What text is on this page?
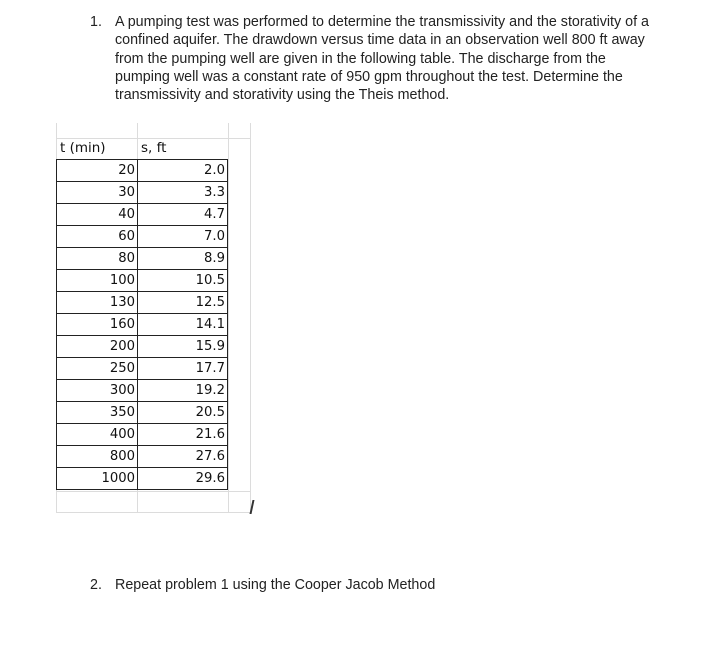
1. A pumping test was performed to determine the transmissivity and the storativity of a
confined aquifer. The drawdown versus time data in an observation well 800 ft away
from the pumping well are given in the following table. The discharge from the
pumping well was a constant rate of 950 gpm throughout the test. Determine the
transmissivity and storativity using the Theis method.
t (min)	s, ft
20	2.0
30	3.3
40	4.7
60	7.0
80	8.9
100	10.5
130	12.5
160	14.1
200	15.9
250	17.7
300	19.2
350	20.5
400	21.6
800	27.6
1000	29.6
2. Repeat problem 1 using the Cooper Jacob Method
